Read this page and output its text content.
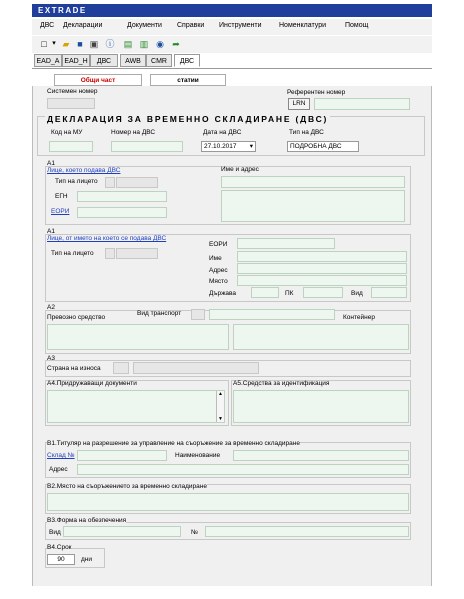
EXTRADE
ДВС Декларации	Документи Справки Инструменти Номенклатури	Помощ
□ ▾ ▰ ■ ▣ ⓘ ▤ ▥ ◉ ➦
EAD_A EAD_H	ДВС	AWB	CMR	ДВС
Общи част	статии
Системен номер	Референтен номер
LRN
ДЕКЛАРАЦИЯ ЗА ВРЕМЕННО СКЛАДИРАНЕ (ДВС)
Код на МУ	Номер на ДВС	Дата на ДВС
27.10.2017 ▾
Тип на ДВС
ПОДРОБНА ДВС
А1
Лице, което подава ДВС
Тип на лицето
ЕГН
ЕОРИ
Име и адрес
А1
Лице, от името на което се подава ДВС
Тип на лицето
ЕОРИ
Име
Адрес
Място
Държава	ПК	Вид
А2
Превозно средство
Вид транспорт
Контейнер
А3
Страна на износа
А4.Придружаващи документи
▲
▼
А5.Средства за идентификация
В1.Титуляр на разрешение за управление на съоръжение за временно складиране
Склад №	Наименование
Адрес
В2.Място на съоръжението за временно складиране
В3.Форма на обезпечения
Вид	№
В4.Срок
90	дни
